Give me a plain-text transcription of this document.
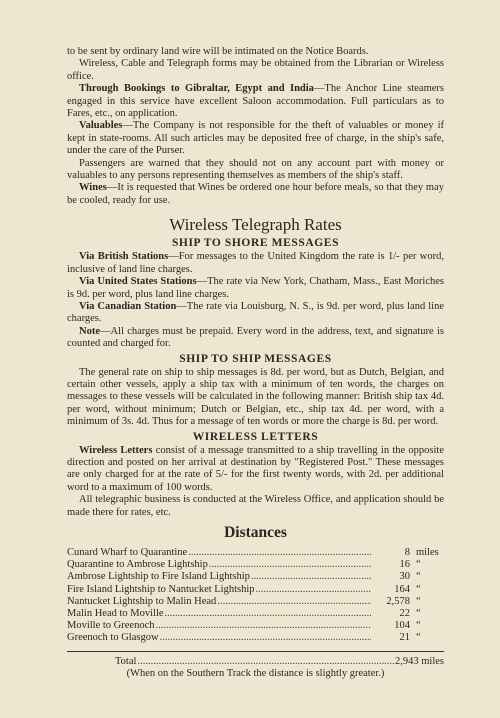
to be sent by ordinary land wire will be intimated on the Notice Boards.

Wireless, Cable and Telegraph forms may be obtained from the Librarian or Wireless office.

Through Bookings to Gibraltar, Egypt and India—The Anchor Line steamers engaged in this service have excellent Saloon accommodation. Full particulars as to Fares, etc., on application.

Valuables—The Company is not responsible for the theft of valuables or money if kept in state-rooms. All such articles may be deposited free of charge, in the ship's safe, under the care of the Purser.

Passengers are warned that they should not on any account part with money or valuables to any persons representing themselves as members of the ship's staff.

Wines—It is requested that Wines be ordered one hour before meals, so that they may be cooled, ready for use.

Wireless Telegraph Rates
SHIP TO SHORE MESSAGES

Via British Stations—For messages to the United Kingdom the rate is 1/- per word, inclusive of land line charges.

Via United States Stations—The rate via New York, Chatham, Mass., East Moriches is 9d. per word, plus land line charges.

Via Canadian Station—The rate via Louisburg, N. S., is 9d. per word, plus land line charges.

Note—All charges must be prepaid. Every word in the address, text, and signature is counted and charged for.

SHIP TO SHIP MESSAGES

The general rate on ship to ship messages is 8d. per word, but as Dutch, Belgian, and certain other vessels, apply a ship tax with a minimum of ten words, the charges on messages to these vessels will be calculated in the following manner: British ship tax 4d. per word, without minimum; Dutch or Belgian, etc., ship tax 4d. per word, with a minimum of 3s. 4d. Thus for a message of ten words or more the charge is 8d. per word.

WIRELESS LETTERS

Wireless Letters consist of a message transmitted to a ship travelling in the opposite direction and posted on her arrival at destination by "Registered Post." These messages are only charged for at the rate of 5/- for the first twenty words, with 2d. per additional word to a maximum of 100 words.

All telegraphic business is conducted at the Wireless Office, and application should be made there for rates, etc.

Distances
Cunard Wharf to Quarantine .....	8 miles
Quarantine to Ambrose Lightship .....	16 “
Ambrose Lightship to Fire Island Lightship .....	30 “
Fire Island Lightship to Nantucket Lightship .....	164 “
Nantucket Lightship to Malin Head .....	2,578 “
Malin Head to Moville .....	22 “
Moville to Greenoch .....	104 “
Greenoch to Glasgow .....	21 “
Total .....	2,943 miles

(When on the Southern Track the distance is slightly greater.)
